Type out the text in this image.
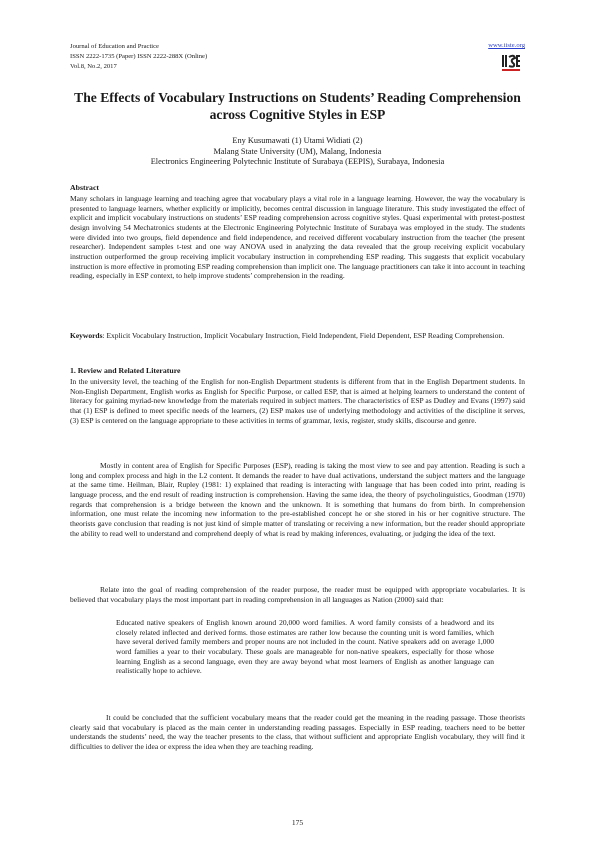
Journal of Education and Practice
ISSN 2222-1735 (Paper) ISSN 2222-288X (Online)
Vol.8, No.2, 2017
www.iiste.org
The Effects of Vocabulary Instructions on Students’ Reading Comprehension across Cognitive Styles in ESP
Eny Kusumawati (1) Utami Widiati (2)
Malang State University (UM), Malang, Indonesia
Electronics Engineering Polytechnic Institute of Surabaya (EEPIS), Surabaya, Indonesia
Abstract
Many scholars in language learning and teaching agree that vocabulary plays a vital role in a language learning. However, the way the vocabulary is presented to language learners, whether explicitly or implicitly, becomes central discussion in language literature. This study investigated the effect of explicit and implicit vocabulary instructions on students’ ESP reading comprehension across cognitive styles. Quasi experimental with pretest-posttest design involving 54 Mechatronics students at the Electronic Engineering Polytechnic Institute of Surabaya was employed in the study. The students were divided into two groups, field dependence and field independence, and received different vocabulary instruction from the teacher (the present researcher). Independent samples t-test and one way ANOVA used in analyzing the data revealed that the group receiving explicit vocabulary instruction outperformed the group receiving implicit vocabulary instruction in comprehending ESP reading. This suggests that explicit vocabulary instruction is more effective in promoting ESP reading comprehension than implicit one. The language practitioners can take it into account in teaching reading, especially in ESP context, to help improve students’ comprehension in the reading.
Keywords: Explicit Vocabulary Instruction, Implicit Vocabulary Instruction, Field Independent, Field Dependent, ESP Reading Comprehension.
1. Review and Related Literature
In the university level, the teaching of the English for non-English Department students is different from that in the English Department students. In Non-English Department, English works as English for Specific Purpose, or called ESP, that is aimed at helping learners to understand the content of literacy for gaining myriad-new knowledge from the materials required in subject matters. The characteristics of ESP as Dudley and Evans (1997) said that (1) ESP is defined to meet specific needs of the learners, (2) ESP makes use of underlying methodology and activities of the discipline it serves, (3) ESP is centered on the language appropriate to these activities in terms of grammar, lexis, register, study skills, discourse and genre.
Mostly in content area of English for Specific Purposes (ESP), reading is taking the most view to see and pay attention. Reading is such a long and complex process and high in the L2 content. It demands the reader to have dual activations, understand the subject matters and the language at the same time. Heilman, Blair, Rupley (1981: 1) explained that reading is interacting with language that has been coded into print, reading is language process, and the end result of reading instruction is comprehension. Having the same idea, the theory of psycholinguistics, Goodman (1970) regards that comprehension is a bridge between the known and the unknown. It is something that humans do from birth. In comprehension information, one must relate the incoming new information to the pre-established concept he or she stored in his or her cognitive structure. The theorists gave conclusion that reading is not just kind of simple matter of translating or receiving a new information, but the reader should appropriate the ability to read well to understand and comprehend deeply of what is read by making inferences, evaluating, or judging the idea of the text.
Relate into the goal of reading comprehension of the reader purpose, the reader must be equipped with appropriate vocabularies. It is believed that vocabulary plays the most important part in reading comprehension in all languages as Nation (2000) said that:
Educated native speakers of English known around 20,000 word families. A word family consists of a headword and its closely related inflected and derived forms. those estimates are rather low because the counting unit is word families, which have several derived family members and proper nouns are not included in the count. Native speakers add on average 1,000 word families a year to their vocabulary. These goals are manageable for non-native speakers, especially for those whose learning English as a second language, even they are away beyond what most learners of English as another language can realistically hope to achieve.
It could be concluded that the sufficient vocabulary means that the reader could get the meaning in the reading passage. Those theorists clearly said that vocabulary is placed as the main center in understanding reading passages. Especially in ESP reading, teachers need to be better understands the students’ need, the way the teacher presents to the class, that without sufficient and appropriate English vocabulary, they will find it difficulties to deliver the idea or express the idea when they are teaching reading.
175
